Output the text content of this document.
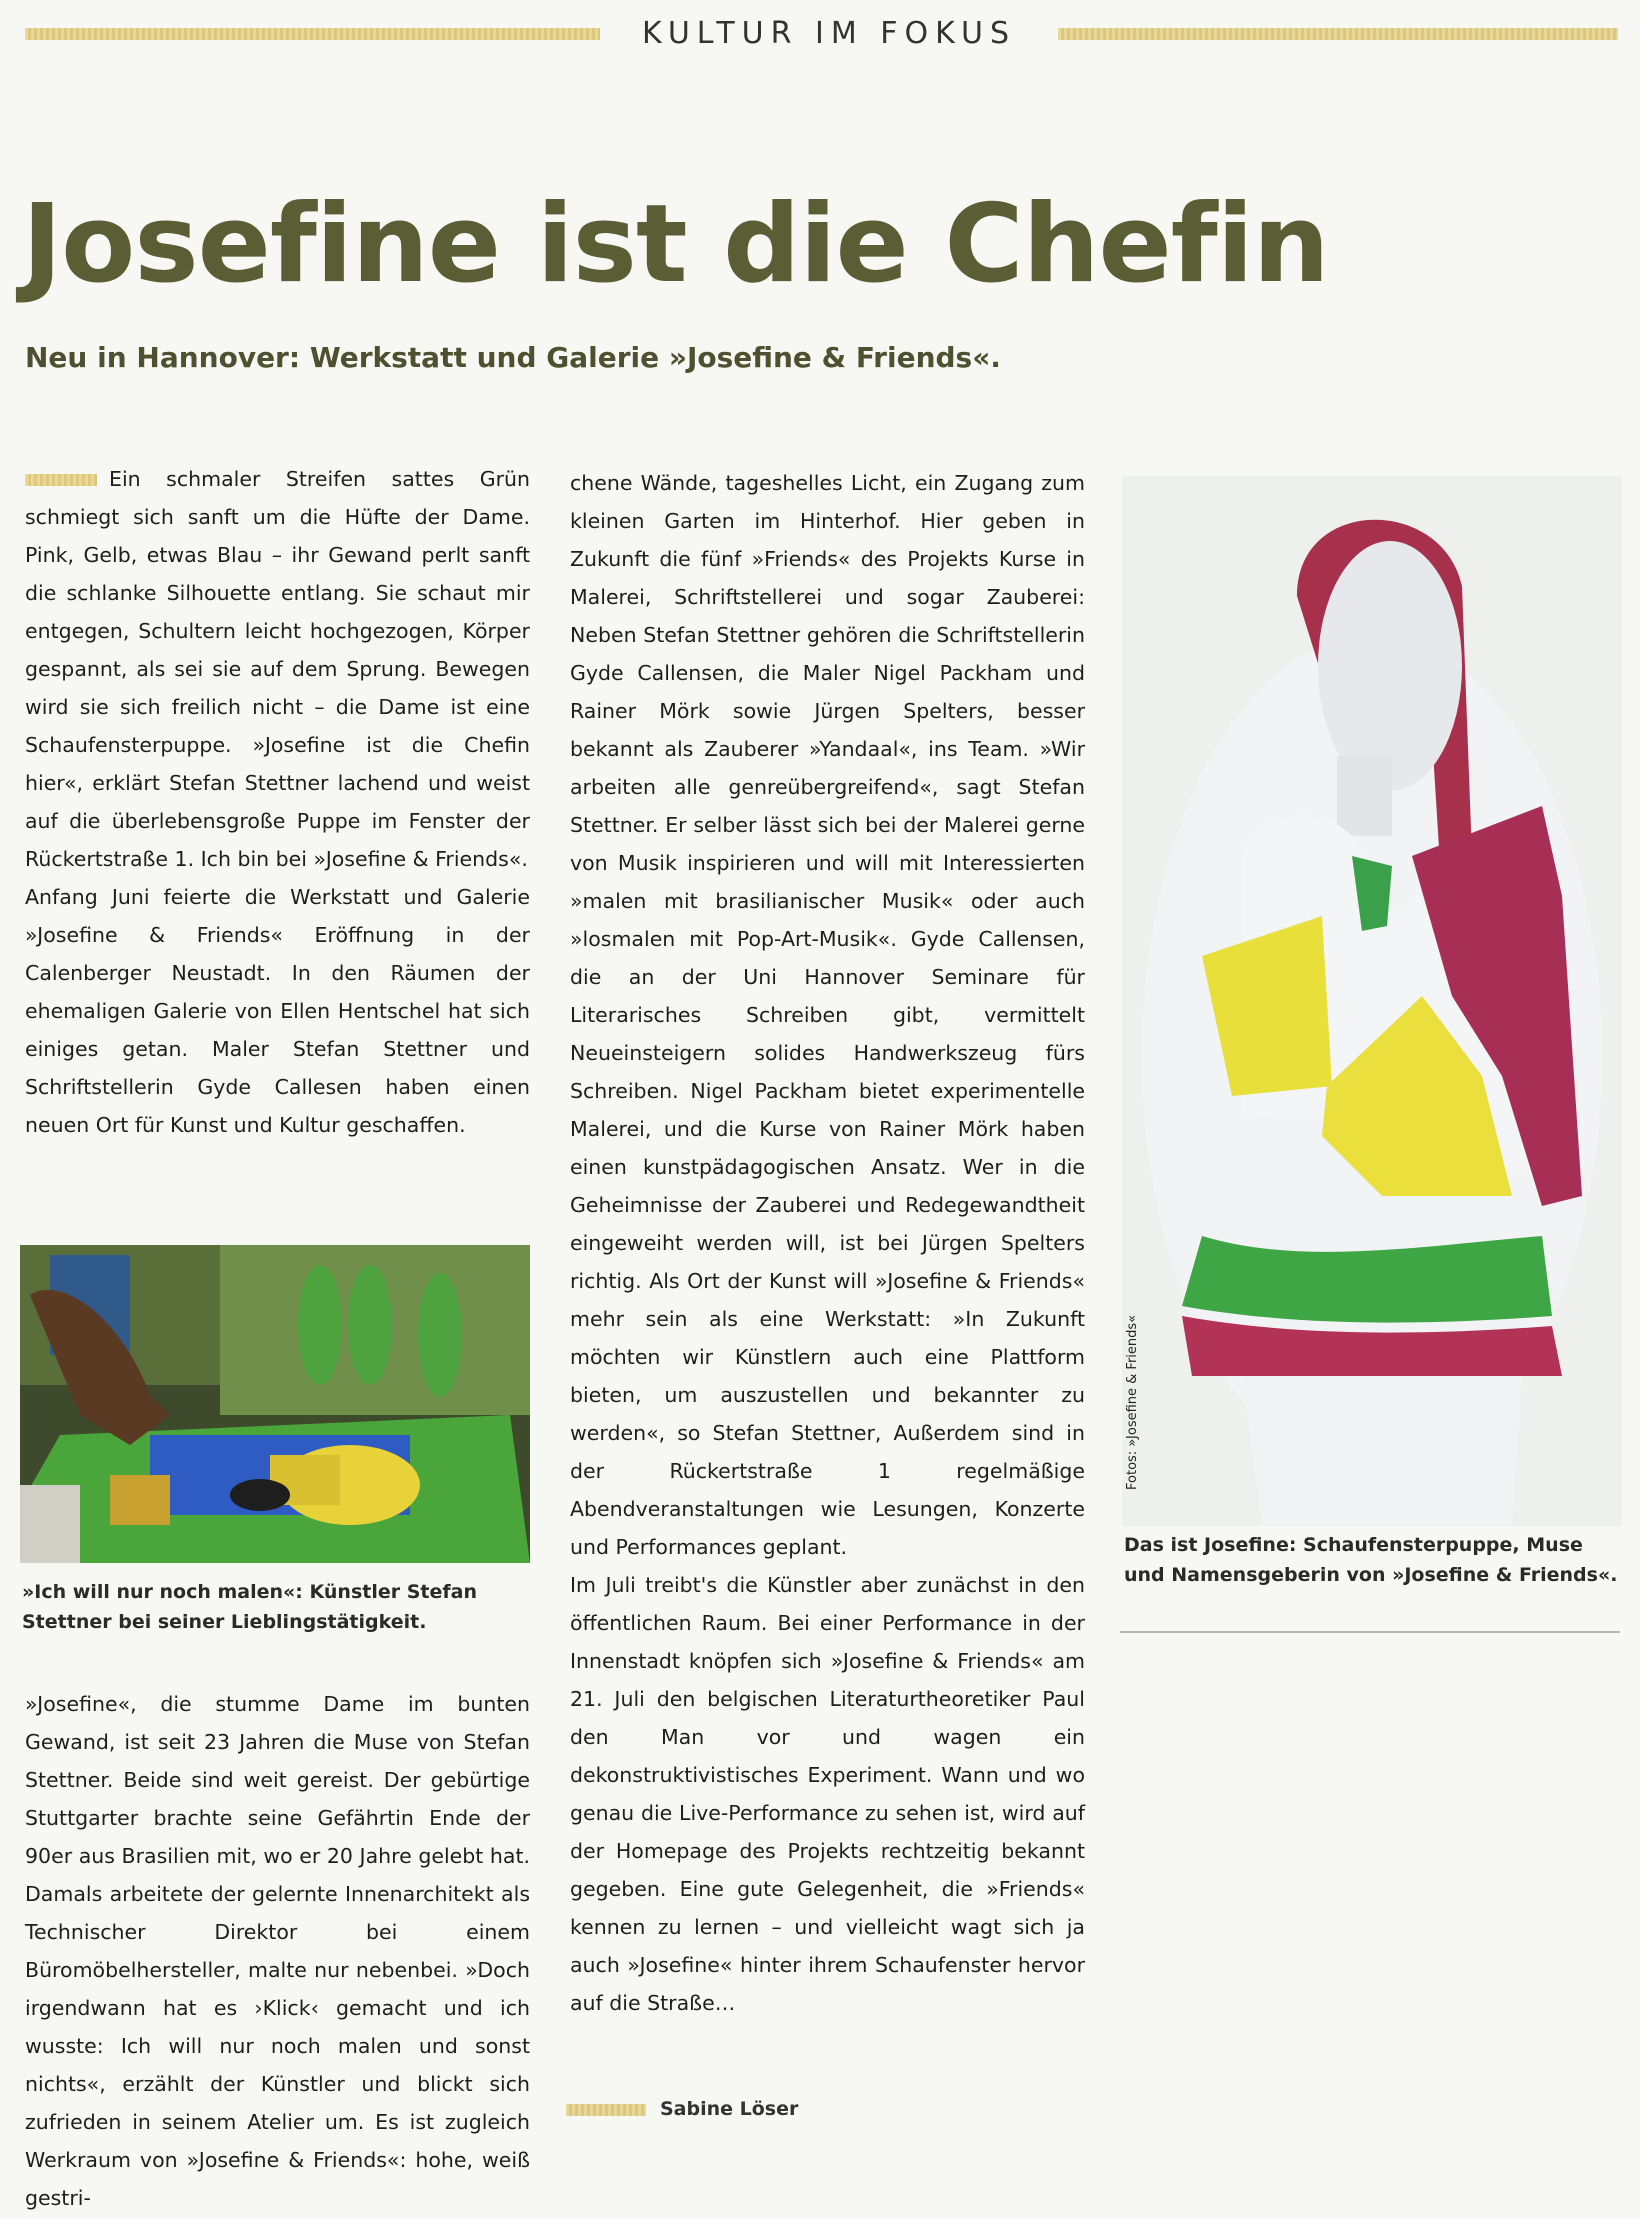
KULTUR IM FOKUS
Josefine ist die Chefin
Neu in Hannover: Werkstatt und Galerie »Josefine & Friends«.

Ein schmaler Streifen sattes Grün schmiegt sich sanft um die Hüfte der Dame. Pink, Gelb, etwas Blau – ihr Gewand perlt sanft die schlanke Silhouette entlang. Sie schaut mir entgegen, Schultern leicht hochgezogen, Körper gespannt, als sei sie auf dem Sprung. Bewegen wird sie sich freilich nicht – die Dame ist eine Schaufensterpuppe. »Josefine ist die Chefin hier«, erklärt Stefan Stettner lachend und weist auf die überlebensgroße Puppe im Fenster der Rückertstraße 1. Ich bin bei »Josefine & Friends«.

Anfang Juni feierte die Werkstatt und Galerie »Josefine & Friends« Eröffnung in der Calenberger Neustadt. In den Räumen der ehemaligen Galerie von Ellen Hentschel hat sich einiges getan. Maler Stefan Stettner und Schriftstellerin Gyde Callesen haben einen neuen Ort für Kunst und Kultur geschaffen.

»Ich will nur noch malen«: Künstler Stefan Stettner bei seiner Lieblingstätigkeit.

»Josefine«, die stumme Dame im bunten Gewand, ist seit 23 Jahren die Muse von Stefan Stettner. Beide sind weit gereist. Der gebürtige Stuttgarter brachte seine Gefährtin Ende der 90er aus Brasilien mit, wo er 20 Jahre gelebt hat. Damals arbeitete der gelernte Innenarchitekt als Technischer Direktor bei einem Büromöbelhersteller, malte nur nebenbei. »Doch irgendwann hat es ›Klick‹ gemacht und ich wusste: Ich will nur noch malen und sonst nichts«, erzählt der Künstler und blickt sich zufrieden in seinem Atelier um. Es ist zugleich Werkraum von »Josefine & Friends«: hohe, weiß gestri-

chene Wände, tageshelles Licht, ein Zugang zum kleinen Garten im Hinterhof. Hier geben in Zukunft die fünf »Friends« des Projekts Kurse in Malerei, Schriftstellerei und sogar Zauberei: Neben Stefan Stettner gehören die Schriftstellerin Gyde Callensen, die Maler Nigel Packham und Rainer Mörk sowie Jürgen Spelters, besser bekannt als Zauberer »Yandaal«, ins Team. »Wir arbeiten alle genreübergreifend«, sagt Stefan Stettner. Er selber lässt sich bei der Malerei gerne von Musik inspirieren und will mit Interessierten »malen mit brasilianischer Musik« oder auch »losmalen mit Pop-Art-Musik«. Gyde Callensen, die an der Uni Hannover Seminare für Literarisches Schreiben gibt, vermittelt Neueinsteigern solides Handwerkszeug fürs Schreiben. Nigel Packham bietet experimentelle Malerei, und die Kurse von Rainer Mörk haben einen kunstpädagogischen Ansatz. Wer in die Geheimnisse der Zauberei und Redegewandtheit eingeweiht werden will, ist bei Jürgen Spelters richtig. Als Ort der Kunst will »Josefine & Friends« mehr sein als eine Werkstatt: »In Zukunft möchten wir Künstlern auch eine Plattform bieten, um auszustellen und bekannter zu werden«, so Stefan Stettner, Außerdem sind in der Rückertstraße 1 regelmäßige Abendveranstaltungen wie Lesungen, Konzerte und Performances geplant.

Im Juli treibt's die Künstler aber zunächst in den öffentlichen Raum. Bei einer Performance in der Innenstadt knöpfen sich »Josefine & Friends« am 21. Juli den belgischen Literaturtheoretiker Paul den Man vor und wagen ein dekonstruktivistisches Experiment. Wann und wo genau die Live-Performance zu sehen ist, wird auf der Homepage des Projekts rechtzeitig bekannt gegeben. Eine gute Gelegenheit, die »Friends« kennen zu lernen – und vielleicht wagt sich ja auch »Josefine« hinter ihrem Schaufenster hervor auf die Straße…

Sabine Löser
Fotos: »Josefine & Friends«
Das ist Josefine: Schaufensterpuppe, Muse und Namensgeberin von »Josefine & Friends«.
